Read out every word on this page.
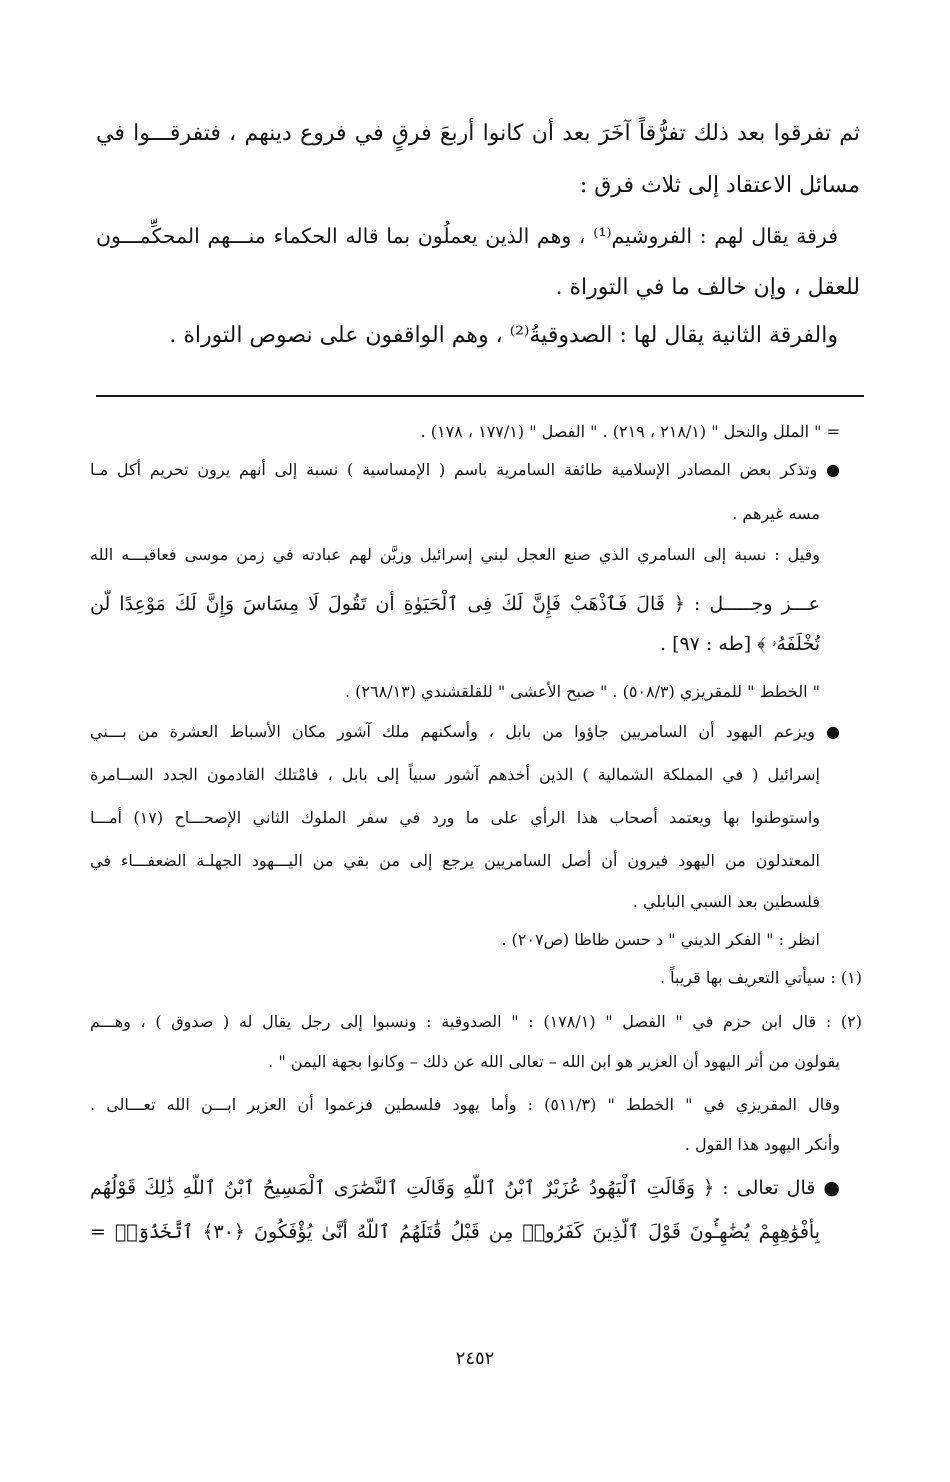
ثم تفرقوا بعد ذلك تفرُّقاً آخَرَ بعد أن كانوا أربعَ فرقٍ في فروع دينهم ، فتفرقـــوا في
مسائل الاعتقاد إلى ثلاث فرق :
فرقة يقال لهم : الفروشيم⁽¹⁾ ، وهم الذين يعملُون بما قاله الحكماء منـــهم المحكِّمـــون
للعقل ، وإن خالف ما في التوراة .
والفرقة الثانية يقال لها : الصدوقيةُ⁽²⁾ ، وهم الواقفون على نصوص التوراة .
= " الملل والنحل " (٢١٨/١ ، ٢١٩) . " الفصل " (١٧٧/١ ، ١٧٨) .
● وتذكر بعض المصادر الإسلامية طائفة السامرية باسم ( الإمساسية ) نسبة إلى أنهم يرون تحريم أكل مـا
مسه غيرهم .
وقيل : نسبة إلى السامري الذي صنع العجل لبني إسرائيل وزيَّن لهم عبادته في زمن موسى فعاقبـــه الله
عـــز وجـــــل : ﴿ قَالَ فَٱذْهَبْ فَإِنَّ لَكَ فِى ٱلْحَيَوٰةِ أَن تَقُولَ لَا مِسَاسَ وَإِنَّ لَكَ مَوْعِدًا لَّن
تُخْلَفَهُۥ ﴾ [طه : ٩٧] .
" الخطط " للمقريزي (٥٠٨/٣) . " صبح الأعشى " للقلقشندي (٢٦٨/١٣) .
● ويزعم اليهود أن السامريين جاؤوا من بابل ، وأسكنهم ملك آشور مكان الأسباط العشرة من بـــني
إسرائيل ( في المملكة الشمالية ) الذين أخذهم آشور سبياً إلى بابل ، فامْتلك القادمون الجدد الســامرة
واستوطنوا بها ويعتمد أصحاب هذا الرأي على ما ورد في سفر الملوك الثاني الإصحـــاح (١٧) أمـــا
المعتدلون من اليهود فيرون أن أصل السامريين يرجع إلى من بقي من اليـــهود الجهلـة الضعفـــاء في
فلسطين بعد السبي البابلي .
انظر : " الفكر الديني " د حسن ظاظا (ص٢٠٧) .
(١) : سيأتي التعريف بها قريباً .
(٢) : قال ابن حزم في " الفصل " (١٧٨/١) : " الصدوقية : ونسبوا إلى رجل يقال له ( صدوق ) ، وهـــم
يقولون من أثر اليهود أن العزير هو ابن الله – تعالى الله عن ذلك – وكانوا بجهة اليمن " .
وقال المقريزي في " الخطط " (٥١١/٣) : وأما يهود فلسطين فزعموا أن العزير ابـــن الله تعـــالى .
وأنكر اليهود هذا القول .
● قال تعالى : ﴿ وَقَالَتِ ٱلْيَهُودُ عُزَيْرٌ ٱبْنُ ٱللَّهِ وَقَالَتِ ٱلنَّصَٰرَى ٱلْمَسِيحُ ٱبْنُ ٱللَّهِ ذَٰلِكَ قَوْلُهُم
بِأَفْوَٰهِهِمْ يُضَٰهِـُٔونَ قَوْلَ ٱلَّذِينَ كَفَرُوا۟ مِن قَبْلُ قَٰتَلَهُمُ ٱللَّهُ أَنَّىٰ يُؤْفَكُونَ ﴿٣٠﴾ ٱتَّخَذُوٓا۟ =
٢٤٥٢
